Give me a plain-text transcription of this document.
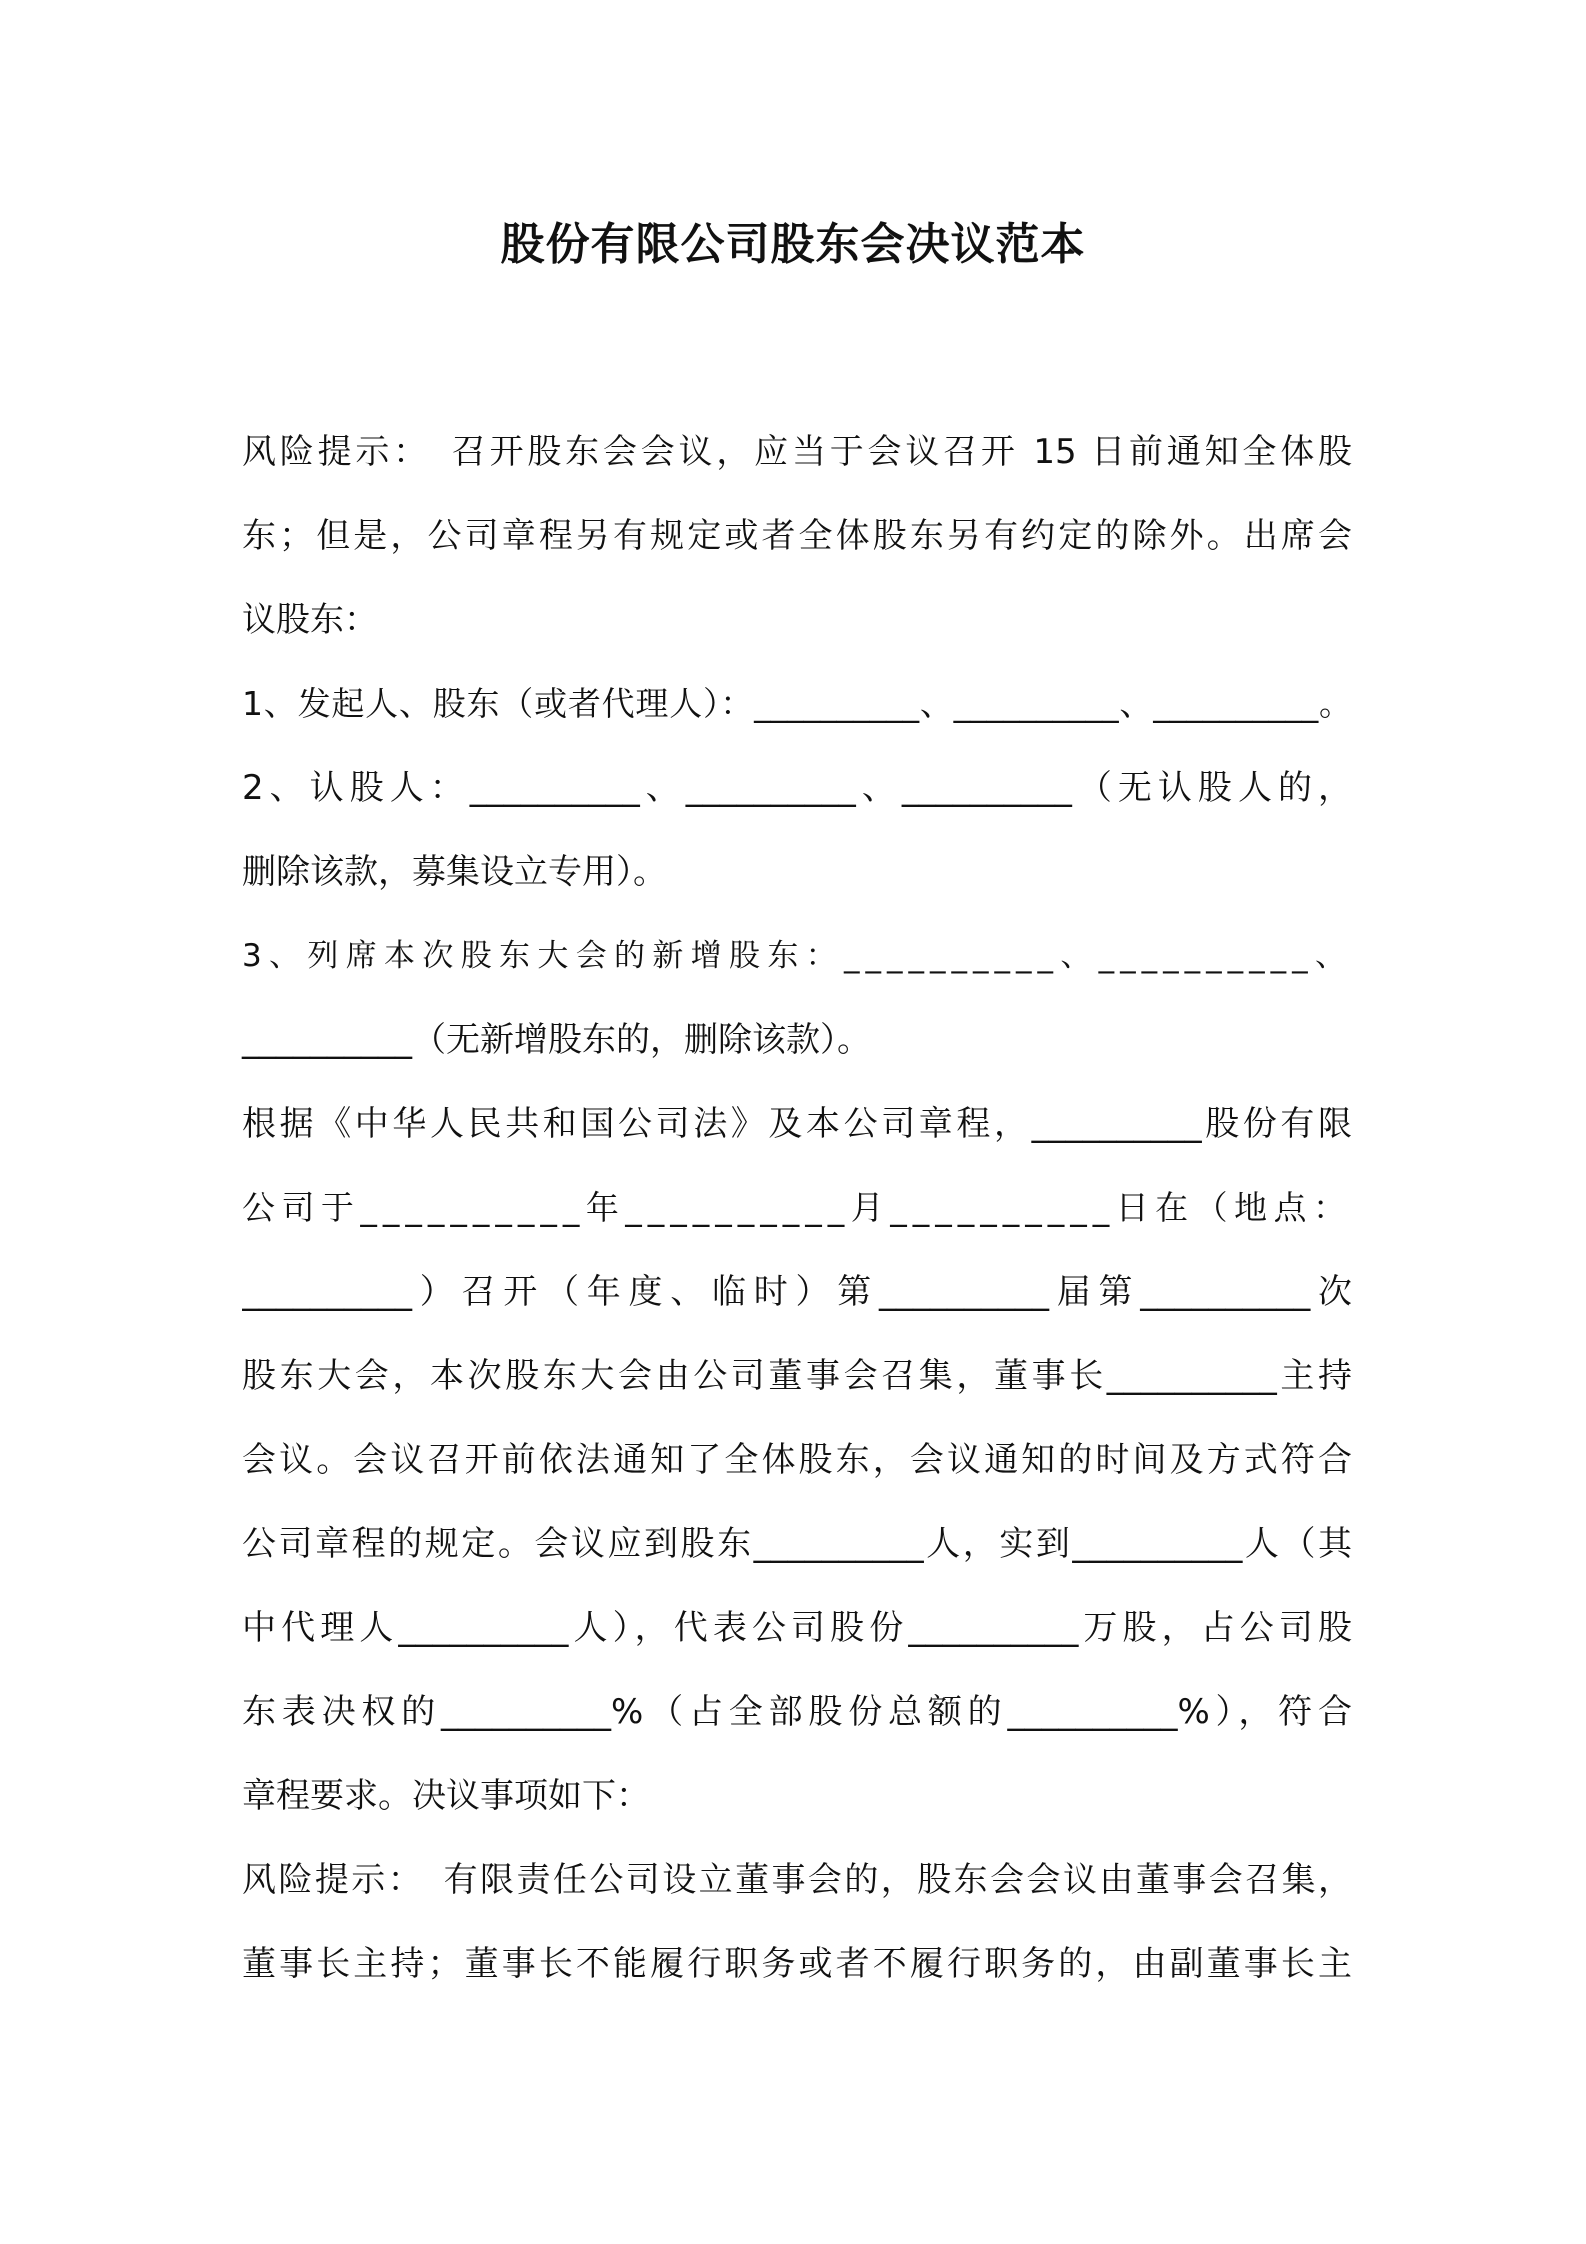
股份有限公司股东会决议范本
风险提示：　召开股东会会议，应当于会议召开 15 日前通知全体股
东；但是，公司章程另有规定或者全体股东另有约定的除外。出席会
议股东：
1、发起人、股东（或者代理人）：__________、__________、__________。
2、认股人：__________、__________、__________（无认股人的，
删除该款，募集设立专用）。
3、列席本次股东大会的新增股东：__________、__________、
__________（无新增股东的，删除该款）。
根据《中华人民共和国公司法》及本公司章程，__________股份有限
公司于__________年__________月__________日在（地点：
__________）召开（年度、临时）第__________届第__________次
股东大会，本次股东大会由公司董事会召集，董事长__________主持
会议。会议召开前依法通知了全体股东，会议通知的时间及方式符合
公司章程的规定。会议应到股东__________人，实到__________人（其
中代理人__________人），代表公司股份__________万股，占公司股
东表决权的__________%（占全部股份总额的__________%），符合
章程要求。决议事项如下：
风险提示：　有限责任公司设立董事会的，股东会会议由董事会召集，
董事长主持；董事长不能履行职务或者不履行职务的，由副董事长主
